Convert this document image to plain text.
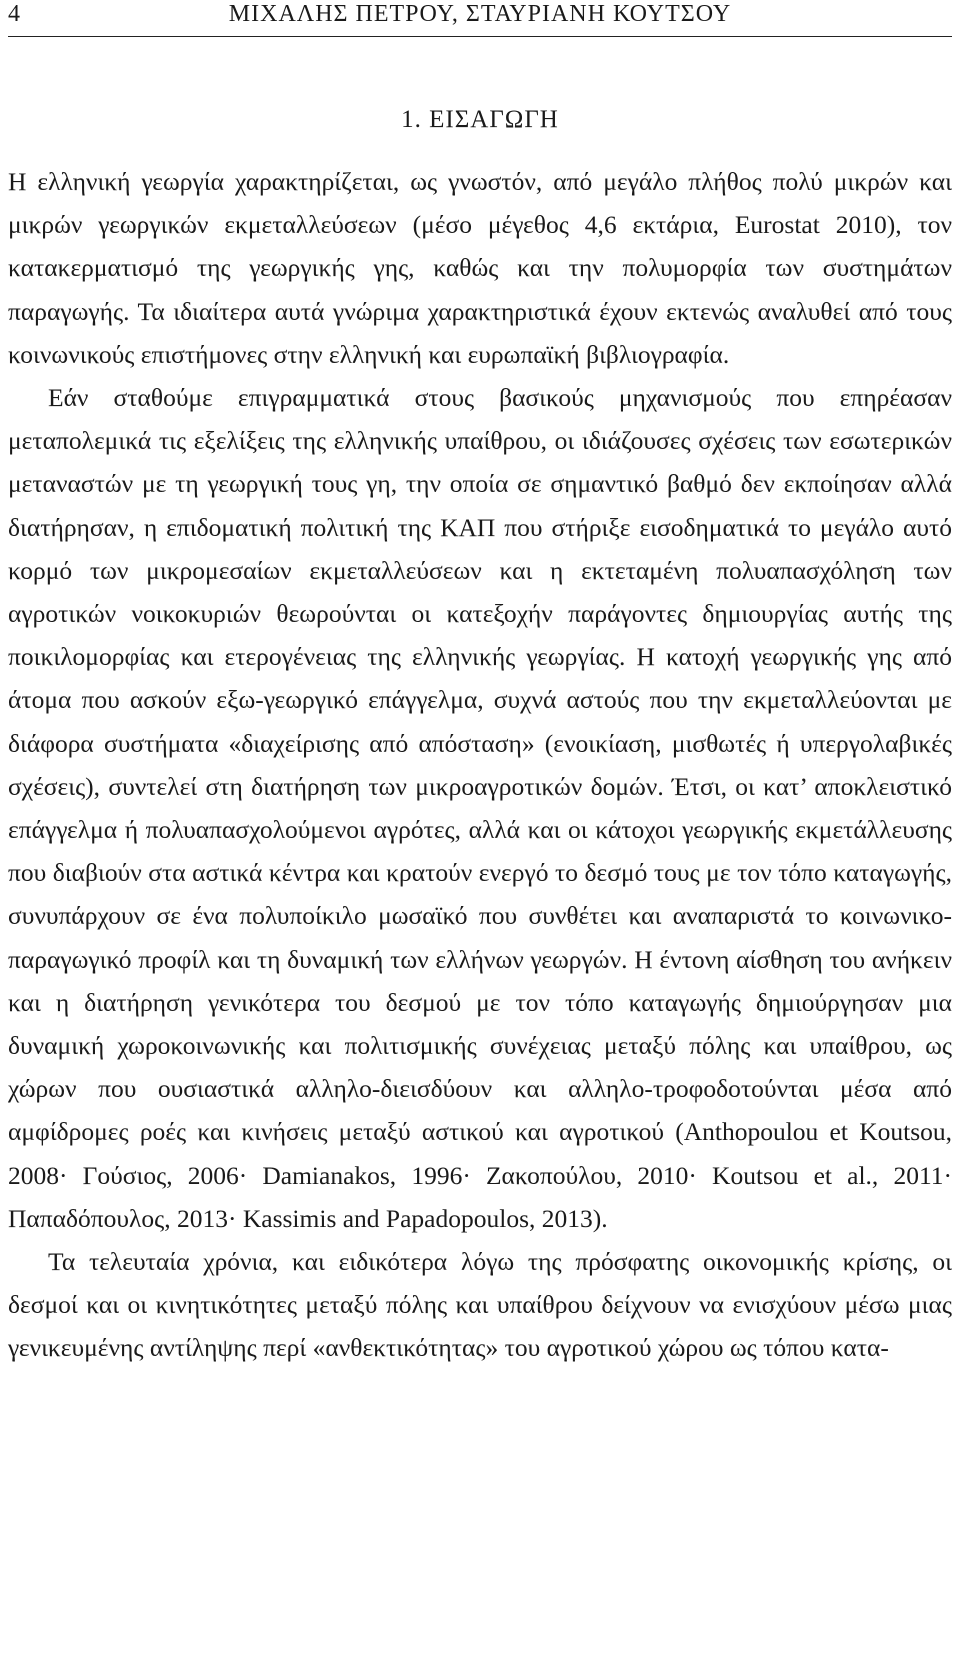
4	ΜΙΧΑΛΗΣ ΠΕΤΡΟΥ, ΣΤΑΥΡΙΑΝΗ ΚΟΥΤΣΟΥ
1. ΕΙΣΑΓΩΓΗ

Η ελληνική γεωργία χαρακτηρίζεται, ως γνωστόν, από μεγάλο πλήθος πολύ μικρών και μικρών γεωργικών εκμεταλλεύσεων (μέσο μέγεθος 4,6 εκτάρια, Eurostat 2010), τον κατακερματισμό της γεωργικής γης, καθώς και την πολυμορφία των συστημάτων παραγωγής. Τα ιδιαίτερα αυτά γνώριμα χαρακτηριστικά έχουν εκτενώς αναλυθεί από τους κοινωνικούς επιστήμονες στην ελληνική και ευρωπαϊκή βιβλιογραφία.

Εάν σταθούμε επιγραμματικά στους βασικούς μηχανισμούς που επηρέασαν μεταπολεμικά τις εξελίξεις της ελληνικής υπαίθρου, οι ιδιάζουσες σχέσεις των εσωτερικών μεταναστών με τη γεωργική τους γη, την οποία σε σημαντικό βαθμό δεν εκποίησαν αλλά διατήρησαν, η επιδοματική πολιτική της ΚΑΠ που στήριξε εισοδηματικά το μεγάλο αυτό κορμό των μικρομεσαίων εκμεταλλεύσεων και η εκτεταμένη πολυαπασχόληση των αγροτικών νοικοκυριών θεωρούνται οι κατεξοχήν παράγοντες δημιουργίας αυτής της ποικιλομορφίας και ετερογένειας της ελληνικής γεωργίας. Η κατοχή γεωργικής γης από άτομα που ασκούν εξω-γεωργικό επάγγελμα, συχνά αστούς που την εκμεταλλεύονται με διάφορα συστήματα «διαχείρισης από απόσταση» (ενοικίαση, μισθωτές ή υπεργολαβικές σχέσεις), συντελεί στη διατήρηση των μικροαγροτικών δομών. Έτσι, οι κατ’ αποκλειστικό επάγγελμα ή πολυαπασχολούμενοι αγρότες, αλλά και οι κάτοχοι γεωργικής εκμετάλλευσης που διαβιούν στα αστικά κέντρα και κρατούν ενεργό το δεσμό τους με τον τόπο καταγωγής, συνυπάρχουν σε ένα πολυποίκιλο μωσαϊκό που συνθέτει και αναπαριστά το κοινωνικο-παραγωγικό προφίλ και τη δυναμική των ελλήνων γεωργών. Η έντονη αίσθηση του ανήκειν και η διατήρηση γενικότερα του δεσμού με τον τόπο καταγωγής δημιούργησαν μια δυναμική χωροκοινωνικής και πολιτισμικής συνέχειας μεταξύ πόλης και υπαίθρου, ως χώρων που ουσιαστικά αλληλο-διεισδύουν και αλληλο-τροφοδοτούνται μέσα από αμφίδρομες ροές και κινήσεις μεταξύ αστικού και αγροτικού (Anthopoulou et Koutsou, 2008· Γούσιος, 2006· Damianakos, 1996· Ζακοπούλου, 2010· Koutsou et al., 2011· Παπαδόπουλος, 2013· Kassimis and Papadopoulos, 2013).

Τα τελευταία χρόνια, και ειδικότερα λόγω της πρόσφατης οικονομικής κρίσης, οι δεσμοί και οι κινητικότητες μεταξύ πόλης και υπαίθρου δείχνουν να ενισχύουν μέσω μιας γενικευμένης αντίληψης περί «ανθεκτικότητας» του αγροτικού χώρου ως τόπου κατα-
